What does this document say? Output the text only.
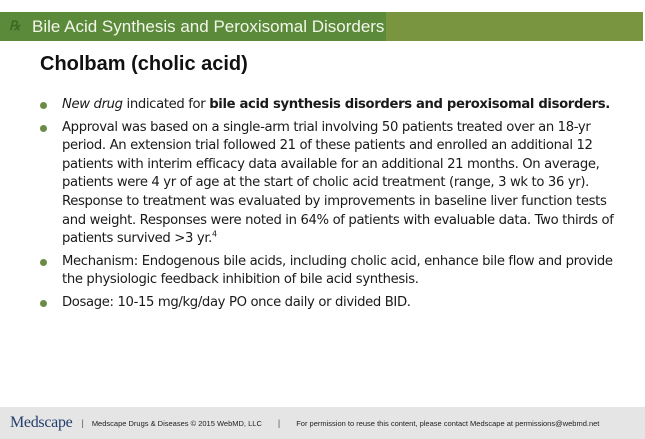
℞ Bile Acid Synthesis and Peroxisomal Disorders
Cholbam (cholic acid)
New drug indicated for bile acid synthesis disorders and peroxisomal disorders.
Approval was based on a single-arm trial involving 50 patients treated over an 18-yr period. An extension trial followed 21 of these patients and enrolled an additional 12 patients with interim efficacy data available for an additional 21 months. On average, patients were 4 yr of age at the start of cholic acid treatment (range, 3 wk to 36 yr). Response to treatment was evaluated by improvements in baseline liver function tests and weight. Responses were noted in 64% of patients with evaluable data. Two thirds of patients survived >3 yr.$^4$
Mechanism: Endogenous bile acids, including cholic acid, enhance bile flow and provide the physiologic feedback inhibition of bile acid synthesis.
Dosage: 10-15 mg/kg/day PO once daily or divided BID.
Medscape | Medscape Drugs & Diseases © 2015 WebMD, LLC | For permission to reuse this content, please contact Medscape at permissions@webmd.net
